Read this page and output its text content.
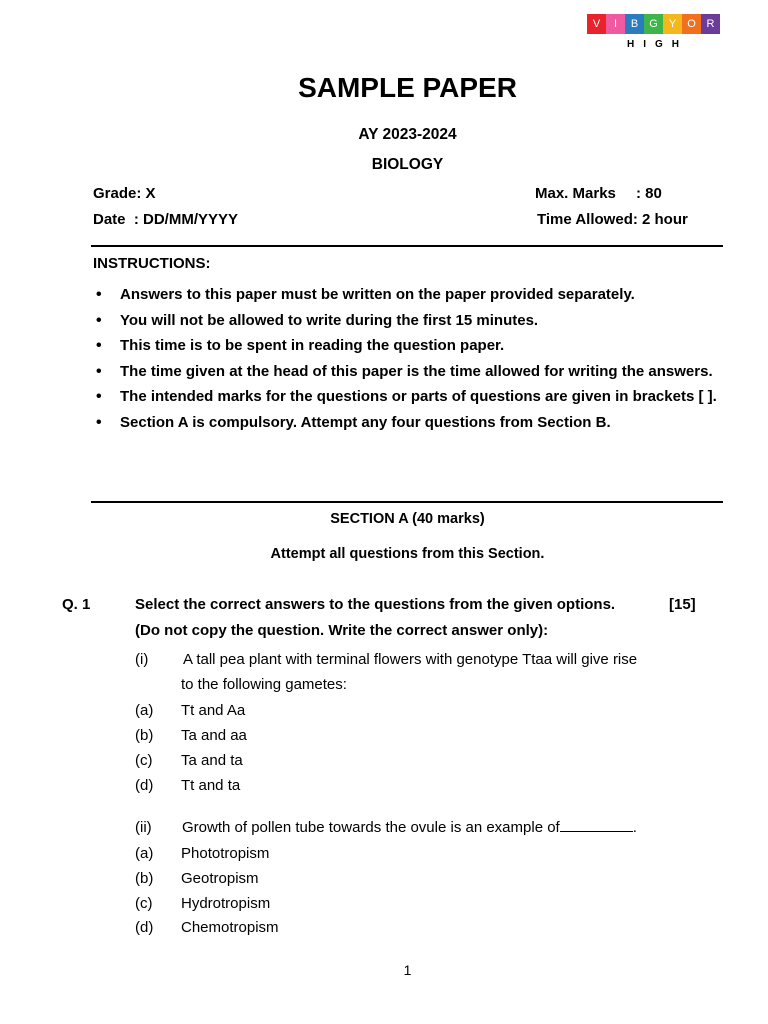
V	I	B	G	Y	O R
HIGH
SAMPLE PAPER
AY 2023-2024
BIOLOGY
Grade: X	Max. Marks : 80
Date  : DD/MM/YYYY	Time Allowed: 2 hour
INSTRUCTIONS:
• Answers to this paper must be written on the paper provided separately.
• You will not be allowed to write during the first 15 minutes.
• This time is to be spent in reading the question paper.
• The time given at the head of this paper is the time allowed for writing the answers.
• The intended marks for the questions or parts of questions are given in brackets [ ].
• Section A is compulsory. Attempt any four questions from Section B.
SECTION A (40 marks)
Attempt all questions from this Section.
Q. 1	Select the correct answers to the questions from the given options.	[15]
(Do not copy the question. Write the correct answer only):
(i) A tall pea plant with terminal flowers with genotype Ttaa will give rise
to the following gametes:
(a) Tt and Aa
(b) Ta and aa
(c) Ta and ta
(d) Tt and ta
(ii) Growth of pollen tube towards the ovule is an example of	.
(a) Phototropism
(b) Geotropism
(c) Hydrotropism
(d) Chemotropism
1
